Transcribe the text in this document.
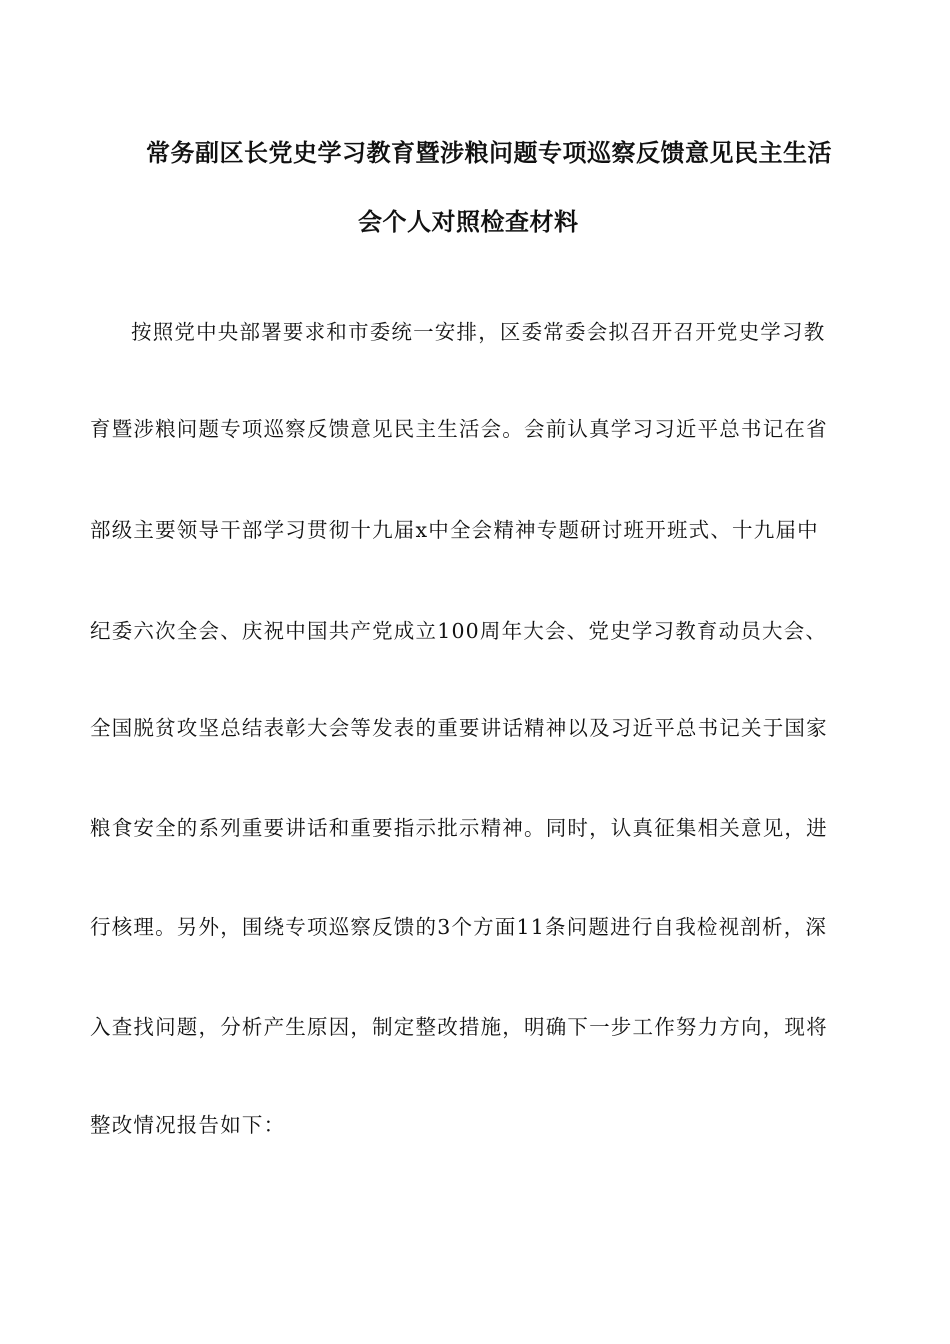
常务副区长党史学习教育暨涉粮问题专项巡察反馈意见民主生活
会个人对照检查材料
按照党中央部署要求和市委统一安排，区委常委会拟召开召开党史学习教
育暨涉粮问题专项巡察反馈意见民主生活会。会前认真学习习近平总书记在省
部级主要领导干部学习贯彻十九届x中全会精神专题研讨班开班式、十九届中
纪委六次全会、庆祝中国共产党成立100周年大会、党史学习教育动员大会、
全国脱贫攻坚总结表彰大会等发表的重要讲话精神以及习近平总书记关于国家
粮食安全的系列重要讲话和重要指示批示精神。同时，认真征集相关意见，进
行核理。另外，围绕专项巡察反馈的3个方面11条问题进行自我检视剖析，深
入查找问题，分析产生原因，制定整改措施，明确下一步工作努力方向，现将
整改情况报告如下：
